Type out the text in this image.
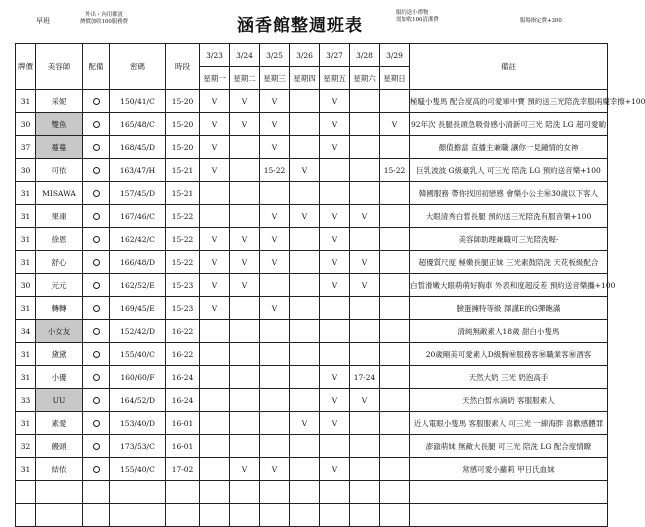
早班
外出・內用都賓
擠價加收100服務費	涵香館整週班表
服約送小禮物
需加收100清潔費	服場指定費+300
牌價	美容師	配備	密碼	時段	3/23	3/24	3/25	3/26	3/27	3/28	3/29	備註
					星期一	星期二	星期三	星期四	星期五	星期六	星期日	
31	采妮		150/41/C	15-20	V	V	V		V			極騷小隻馬 配合度高的可愛軍中寶 預約送三光陪洗幸服兩魔幸擦+100
30	雙魚		165/48/C	15-20	V	V	V		V		V	92年次 長腿長頭急吸骨感小清新可三光 陪洗 LG 超可愛喲
37	蔓蔓		168/45/D	15-20	V		V		V			顏值擔當 直播主兼職 讓你一見鍾情的女神
30	可依		163/47/H	15-21	V		15-22	V			15-22	巨乳波波 G級豪乳人 可三光 陪洗 LG 預約送音樂+100
31	MISAWA		157/45/D	15-21								韓國服務 帶你找回初戀感 會樂小公主㊙30歲以下客人
31	果凍		167/46/C	15-22			V	V	V	V		大眼清秀白皙長腿 預約送三光陪洗有服音樂+100
31	徐恩		162/42/C	15-22	V	V	V		V			美容師助理兼職可三光陪洗喔-
31	舒心		166/48/D	15-22	V	V	V		V	V		超優質尺度 極嫩長腿正妹 三光素鼓陪洗 天花板級配合
30	元元		162/52/E	15-23	V	V			V	V		白皙滑嫩大眼萌萌好胸車 外表和度超反差 預約送音樂攜+100
31	轉轉		169/45/E	15-23	V		V					臉蛋擁特等級 澤謹E的G彈飽滿
34	小女友		152/42/D	16-22								清純無敵素人18歲 甜白小隻馬
31	黛黛		155/40/C	16-22								20歲剛美可愛素人D級胸㊙服務客㊙職業客㊙酒客
31	小優		160/60/F	16-24					V	17-24		天然大奶 三光 奶泡高手
33	UU		164/52/D	16-24					V	V		天然白皙水滴奶 客服服素人
31	素愛		153/40/D	16-01				V	V			近人電眼小隻馬 客服服素人 可三光 一線海胖 喜歡感體罪
32	饅頭		173/53/C	16-01								澎澈萌妹 無敵大長腿 可三光 陪洗 LG 配合度情瞭
31	結依		155/40/C	17-02		V	V		V			常感可愛小蘿莉 甲日氏血妹
